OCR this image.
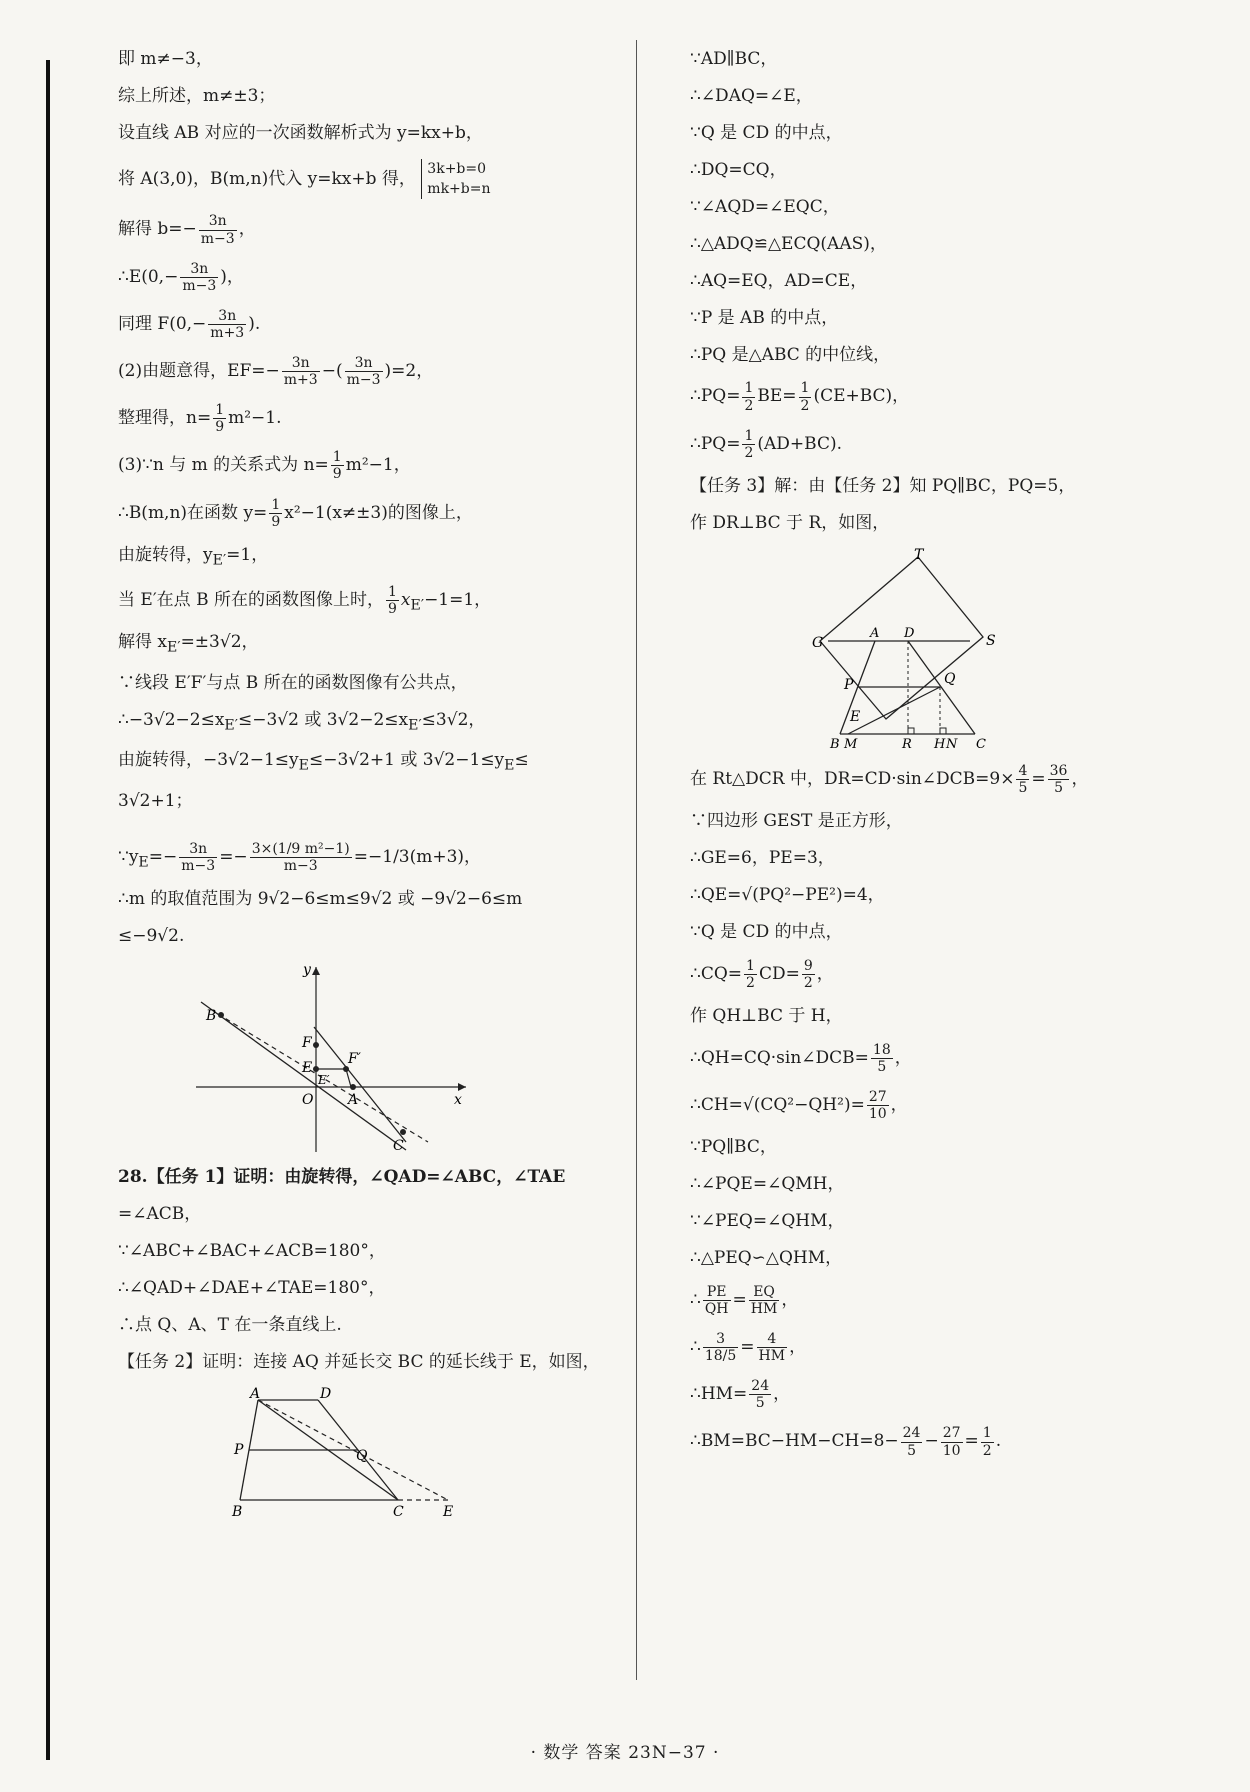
即 m≠−3，
综上所述，m≠±3；
设直线 AB 对应的一次函数解析式为 y=kx+b，
将 A(3,0)，B(m,n)代入 y=kx+b 得， 3k+b=0
mk+b=n
解得 $b=- \frac{3n}{m-3}$ ，
∴E(0,− $\frac{3n}{m-3}$ )，
同理 $F(0,- \frac{3n}{m+3}$ ).
(2)由题意得，$EF=- \frac{3n}{m+3}$ −( $\frac{3n}{m-3} )=2$，
整理得，$n= \frac{1}{9} m^2-1$.
(3)∵n 与 m 的关系式为 $n= \frac{1}{9} m^2-1$，
∴B(m,n)在函数 $y= \frac{1}{9} x^2-1(x\ne\pm 3)$的图像上，
由旋转得，$y_{E'}=1$，
当 E′在点 B 所在的函数图像上时， $\frac{1}{9} x_{E'}-1=1$，
解得 $x_{E'}=\pm 3√2$，
∵线段 E′F′与点 B 所在的函数图像有公共点，
$\therefore-3√2-2\le x_{E'}\le-3√2$ 或 $3√2-2\le x_{E'}\le 3√2$，
由旋转得，$-3√2-1\le y_E\le-3√2+1$ 或 $3√2-1\le y_E\le$
3√2+1；
$\because y_E=- \frac{3n}{m-3} =- \frac{\text{3×(1/9 m²−1)}}{m-3} =-1/3(m+3)$，
∴m 的取值范围为 9√2−6≤m≤9√2 或 −9√2−6≤m
≤−9√2.
y
x
O A
B
C
E
E′
F
F′
28.【任务 1】证明：由旋转得，∠QAD=∠ABC，∠TAE
=∠ACB，
∵∠ABC+∠BAC+∠ACB=180°，
∴∠QAD+∠DAE+∠TAE=180°，
∴点 Q、A、T 在一条直线上.
【任务 2】证明：连接 AQ 并延长交 BC 的延长线于 E，如图，
A	D
P	Q
B	C	E
∵AD∥BC，
∴∠DAQ=∠E，
∵Q 是 CD 的中点，
∴DQ=CQ，
∵∠AQD=∠EQC，
∴△ADQ≌△ECQ(AAS)，
∴AQ=EQ，AD=CE，
∵P 是 AB 的中点，
∴PQ 是△ABC 的中位线，
∴PQ= $\frac{1}{2} BE= \frac{1}{2} (CE+BC)$，
∴PQ= $\frac{1}{2} (AD+BC)$.
【任务 3】解：由【任务 2】知 PQ∥BC，PQ=5，
作 DR⊥BC 于 R，如图，
T
G
A D	S
P	Q
E
B M	R H N C
在 Rt△DCR 中，DR=CD·sin∠DCB=9× $\frac{4}{5} = \frac{36}{5}$ ，
∵四边形 GEST 是正方形，
∴GE=6，PE=3，
∴QE=√(PQ²−PE²)=4，
∵Q 是 CD 的中点，
∴CQ= $\frac{1}{2} CD= \frac{9}{2}$ ，
作 QH⊥BC 于 H，
∴QH=CQ·sin∠DCB= $\frac{18}{5}$ ，
∴CH=√(CQ²−QH²)= $\frac{27}{10}$ ，
∵PQ∥BC，
∴∠PQE=∠QMH，
∵∠PEQ=∠QHM，
∴△PEQ∽△QHM，
∴ $\frac{PE}{QH} = \frac{EQ}{HM}$ ，
∴ $\frac{3}{18/5} = \frac{4}{HM}$ ，
∴HM= $\frac{24}{5}$ ，
∴BM=BC−HM−CH=8− $\frac{24}{5} - \frac{27}{10} = \frac{1}{2}$ .
· 数学 答案 23N−37 ·
